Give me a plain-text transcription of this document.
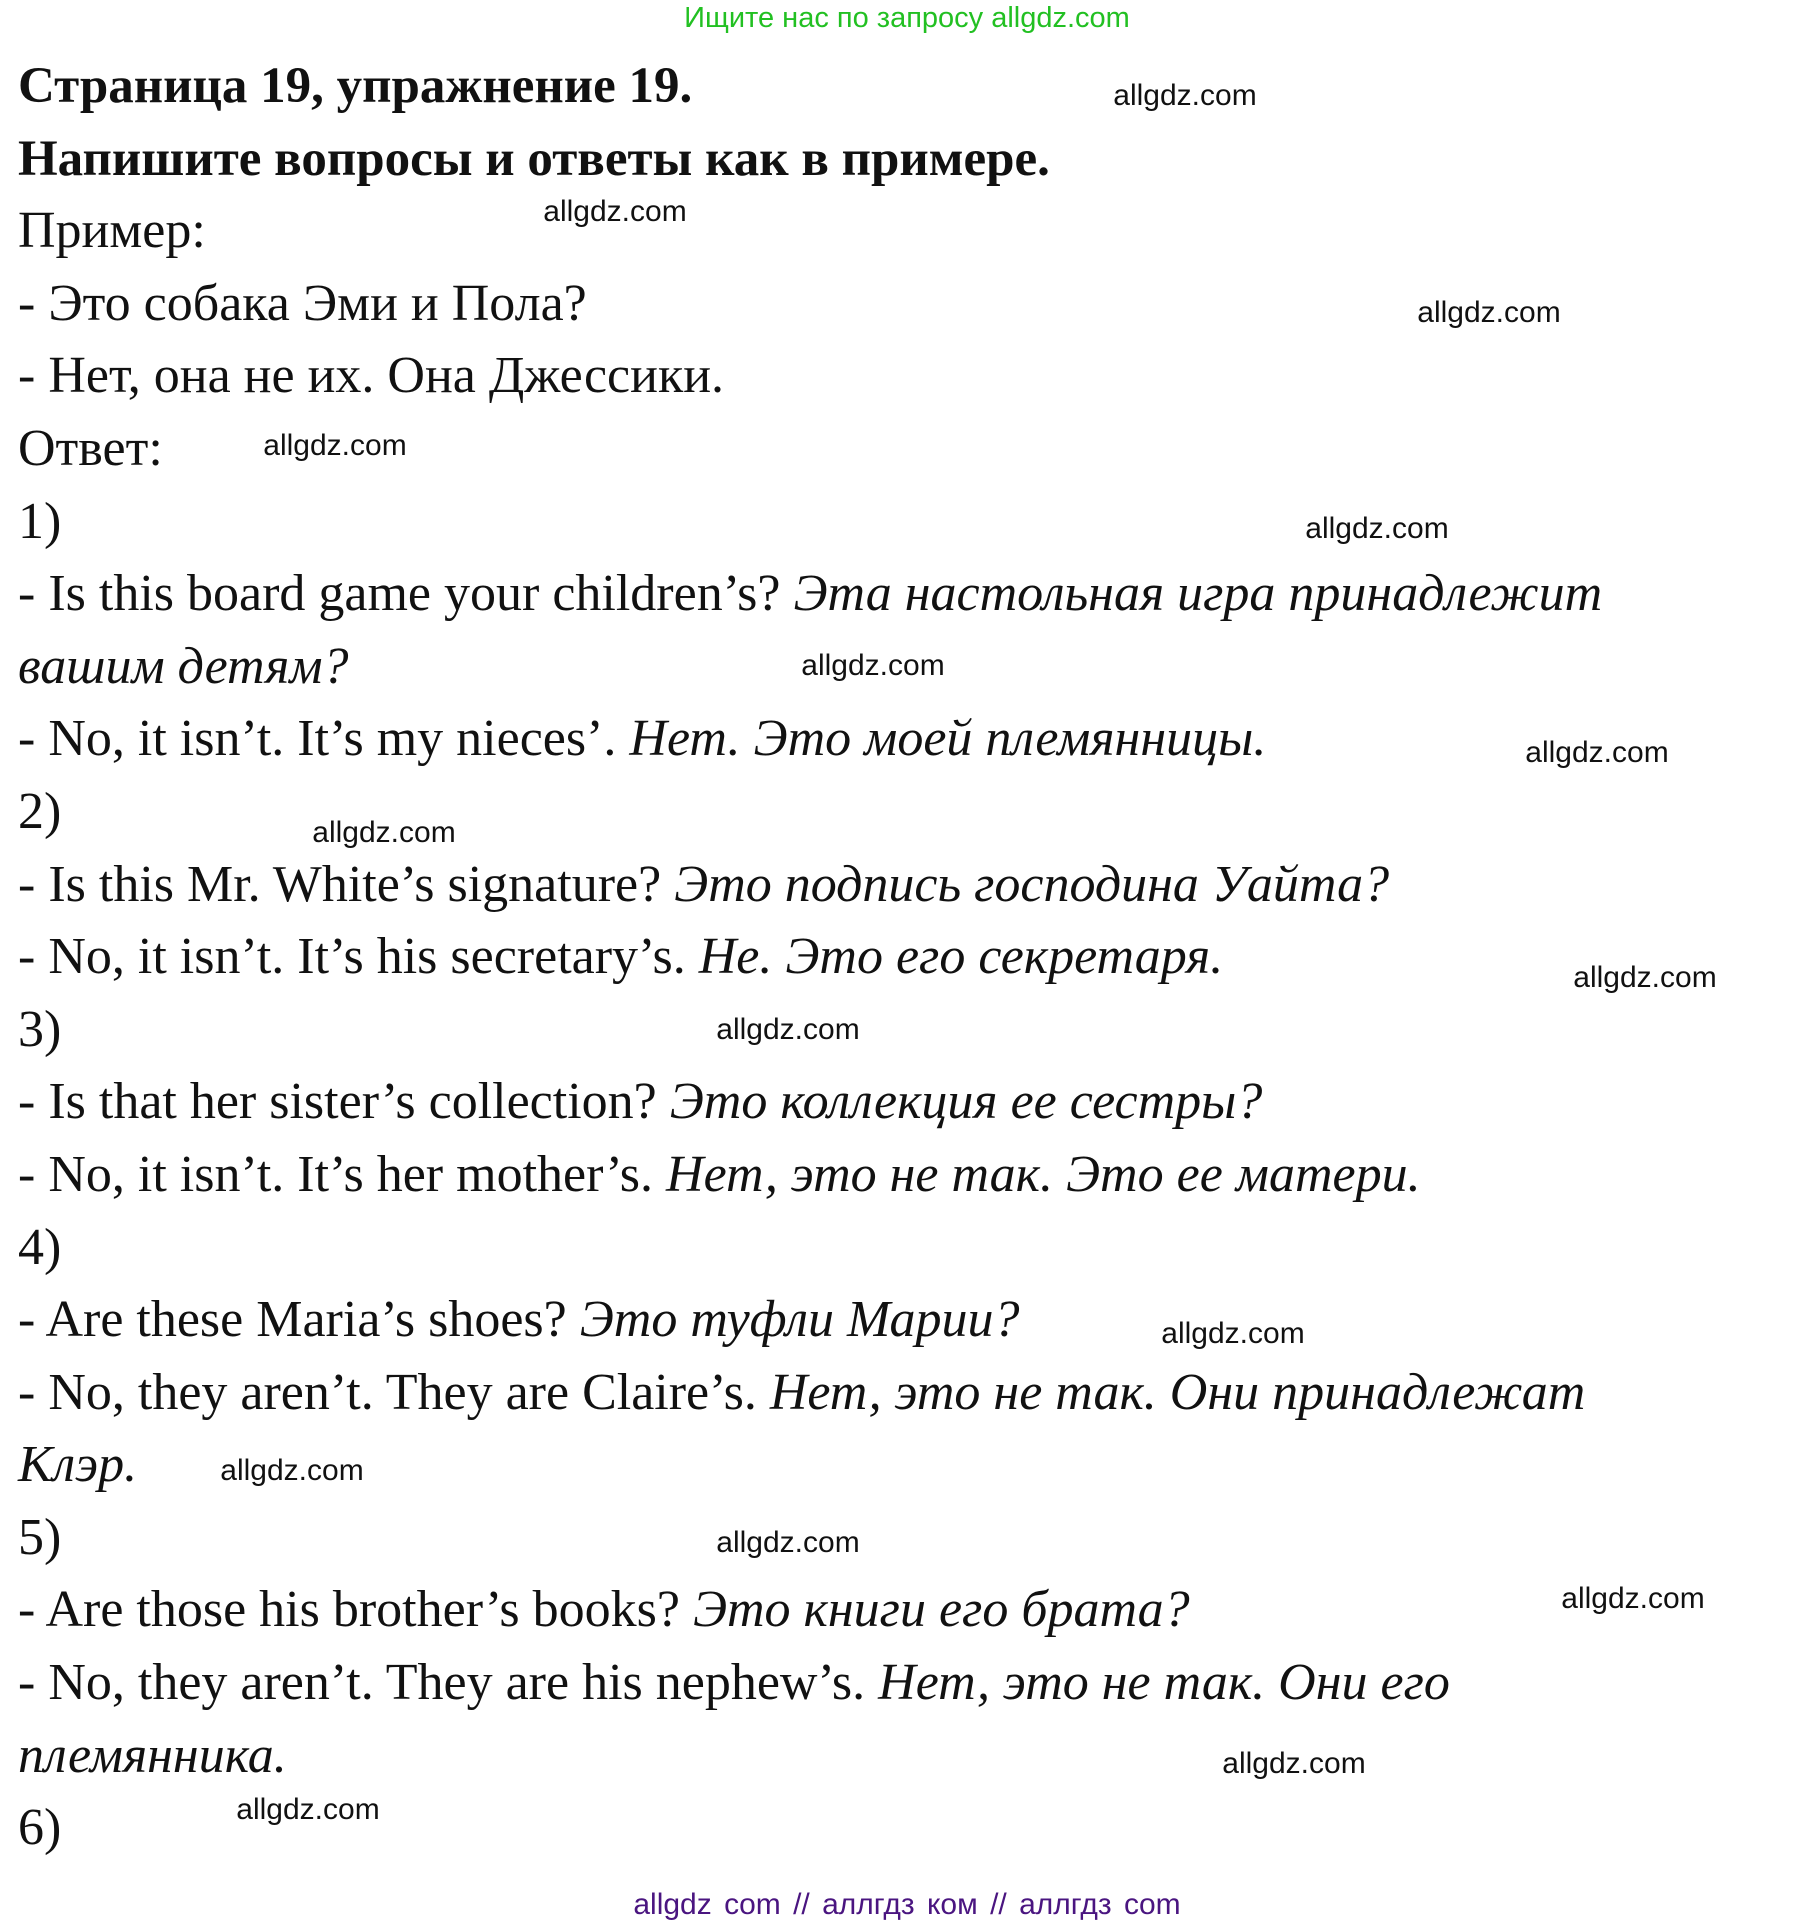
Ищите нас по запросу allgdz.com
Страница 19, упражнение 19.
Напишите вопросы и ответы как в примере.
Пример:
- Это собака Эми и Пола?
- Нет, она не их. Она Джессики.
Ответ:
1)
- Is this board game your children’s? Эта настольная игра принадлежит
вашим детям?
- No, it isn’t. It’s my nieces’. Нет. Это моей племянницы.
2)
- Is this Mr. White’s signature? Это подпись господина Уайта?
- No, it isn’t. It’s his secretary’s. Не. Это его секретаря.
3)
- Is that her sister’s collection? Это коллекция ее сестры?
- No, it isn’t. It’s her mother’s. Нет, это не так. Это ее матери.
4)
- Are these Maria’s shoes? Это туфли Марии?
- No, they aren’t. They are Claire’s. Нет, это не так. Они принадлежат
Клэр.
5)
- Are those his brother’s books? Это книги его брата?
- No, they aren’t. They are his nephew’s. Нет, это не так. Они его
племянника.
6)
allgdz.com
allgdz.com
allgdz.com
allgdz.com
allgdz.com
allgdz.com
allgdz.com
allgdz.com
allgdz.com
allgdz.com
allgdz.com
allgdz.com
allgdz.com
allgdz.com
allgdz.com
allgdz.com
allgdz com // аллгдз ком // аллгдз com
